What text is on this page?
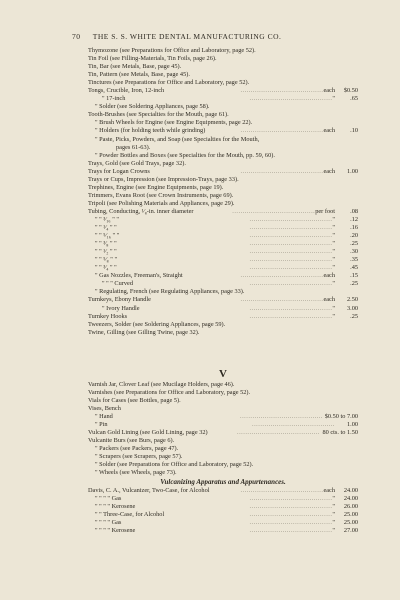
70 THE S. S. WHITE DENTAL MANUFACTURING CO.
Thymozone (see Preparations for Office and Laboratory, page 52).
Tin Foil (see Filling-Materials, Tin Foils, page 26).
Tin, Bar (see Metals, Base, page 45).
Tin, Pattern (see Metals, Base, page 45).
Tinctures (see Preparations for Office and Laboratory, page 52).
Tongs, Crucible, Iron, 12-inch	........................................each	$0.50
" 17-inch	........................................"	.65
" Solder (see Soldering Appliances, page 58).
Tooth-Brushes (see Specialties for the Mouth, page 61).
" Brush Wheels for Engine (see Engine Equipments, page 22).
" Holders (for holding teeth while grinding)	........................................each	.10
" Paste, Picks, Powders, and Soap (see Specialties for the Mouth,
pages 61-63).
" Powder Bottles and Boxes (see Specialties for the Mouth, pp. 59, 60).
Trays, Gold (see Gold Trays, page 32).
Trays for Logan Crowns	........................................each	1.00
Trays or Cups, Impression (see Impression-Trays, page 33).
Trephines, Engine (see Engine Equipments, page 19).
Trimmers, Evans Root (see Crown Instruments, page 69).
Tripoli (see Polishing Materials and Appliances, page 29).
Tubing, Conducting, ¹⁄₈-in. inner diameter	........................................per foot	.08
" " ³⁄₁₆ " "	........................................"	.12
" " ¹⁄₄ " "	........................................"	.16
" " ⁵⁄₁₆ " "	........................................"	.20
" " ³⁄₈ " "	........................................"	.25
" " ¹⁄₂ " "	........................................"	.30
" " ⁵⁄₈ " "	........................................"	.35
" " ³⁄₄ " "	........................................"	.45
" Gas Nozzles, Freeman's, Straight	........................................each	.15
" " " Curved	........................................"	.25
" Regulating, French (see Regulating Appliances, page 33).
Turnkeys, Ebony Handle	........................................each	2.50
" Ivory Handle	........................................"	3.00
Turnkey Hooks	........................................"	.25
Tweezers, Solder (see Soldering Appliances, page 59).
Twine, Gilling (see Gilling Twine, page 32).
V
Varnish Jar, Clover Leaf (see Mucilage Holders, page 46).
Varnishes (see Preparations for Office and Laboratory, page 52).
Vials for Cases (see Bottles, page 5).
Vises, Bench
" Hand	........................................ $0.50 to 7.00
" Pin	........................................	1.00
Vulcan Gold Lining (see Gold Lining, page 32)	........................................ 80 cts. to 1.50
Vulcanite Burs (see Burs, page 6).
" Packers (see Packers, page 47).
" Scrapers (see Scrapers, page 57).
" Solder (see Preparations for Office and Laboratory, page 52).
" Wheels (see Wheels, page 73).
Vulcanizing Apparatus and Appurtenances.
Davis, C. A., Vulcanizer, Two-Case, for Alcohol	........................................each	24.00
" " " " Gas	........................................"	24.00
" " " " Kerosene	........................................"	26.00
" " Three-Case, for Alcohol	........................................"	25.00
" " " " Gas	........................................"	25.00
" " " " Kerosene	........................................"	27.00
